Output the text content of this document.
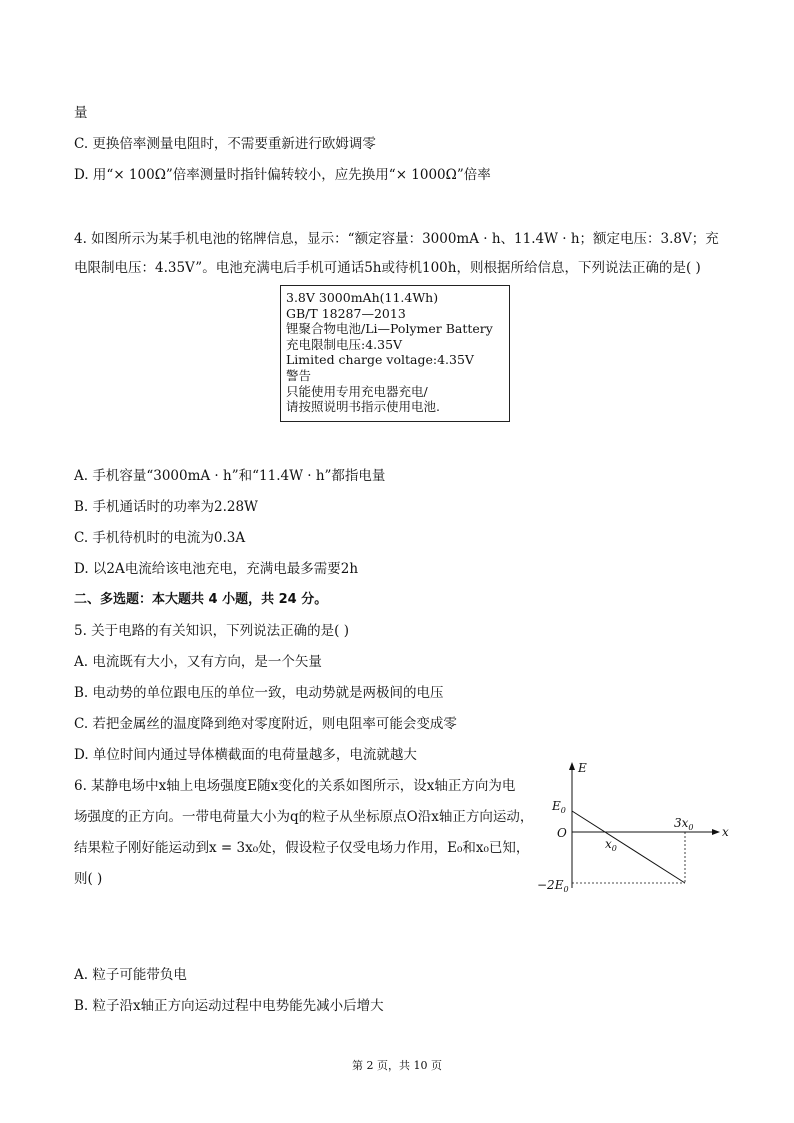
量
C. 更换倍率测量电阻时，不需要重新进行欧姆调零
D. 用“× 100Ω”倍率测量时指针偏转较小，应先换用“× 1000Ω”倍率
4. 如图所示为某手机电池的铭牌信息，显示：“额定容量：3000mA · h、11.4W · h；额定电压：3.8V；充
电限制电压：4.35V”。电池充满电后手机可通话5h或待机100h，则根据所给信息，下列说法正确的是( )
A. 手机容量“3000mA · h”和“11.4W · h”都指电量
B. 手机通话时的功率为2.28W
C. 手机待机时的电流为0.3A
D. 以2A电流给该电池充电，充满电最多需要2h
二、多选题：本大题共 4 小题，共 24 分。
5. 关于电路的有关知识，下列说法正确的是( )
A. 电流既有大小，又有方向，是一个矢量
B. 电动势的单位跟电压的单位一致，电动势就是两极间的电压
C. 若把金属丝的温度降到绝对零度附近，则电阻率可能会变成零
D. 单位时间内通过导体横截面的电荷量越多，电流就越大
6. 某静电场中x轴上电场强度E随x变化的关系如图所示，设x轴正方向为电
场强度的正方向。一带电荷量大小为q的粒子从坐标原点O沿x轴正方向运动，
结果粒子刚好能运动到x = 3x₀处，假设粒子仅受电场力作用，E₀和x₀已知，
则( )
A. 粒子可能带负电
B. 粒子沿x轴正方向运动过程中电势能先减小后增大
3.8V 3000mAh(11.4Wh)
GB/T 18287—2013
锂聚合物电池/Li—Polymer Battery
充电限制电压:4.35V
Limited charge voltage:4.35V
警告
只能使用专用充电器充电/
请按照说明书指示使用电池.
E
x
O
$E_0$
$-2E_0$
$x_0$
$3x_0$
第 2 页，共 10 页
